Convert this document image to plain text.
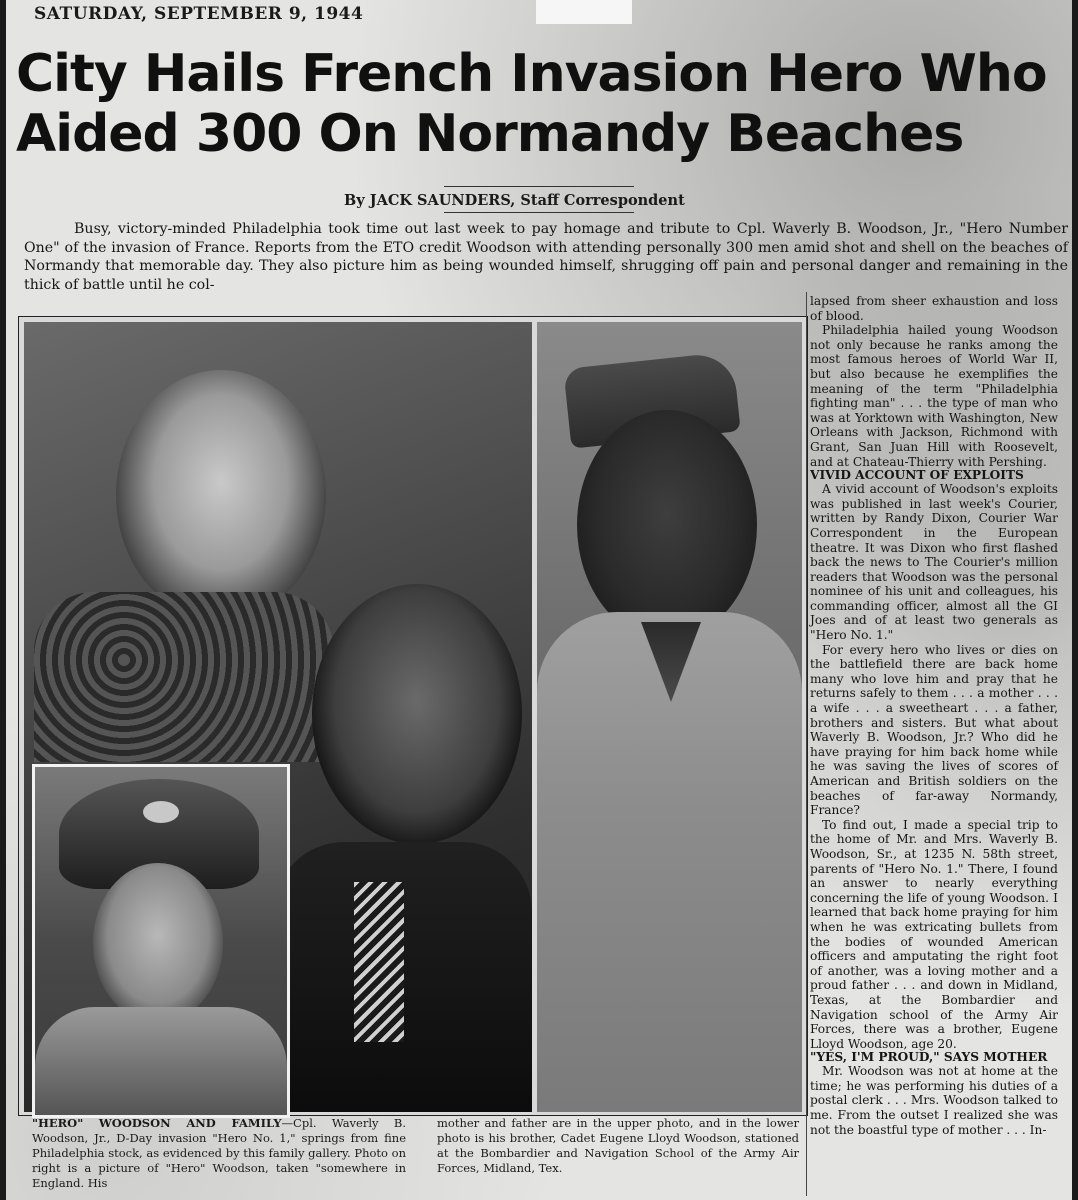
SATURDAY, SEPTEMBER 9, 1944
City Hails French Invasion Hero Who Aided 300 On Normandy Beaches
By JACK SAUNDERS, Staff Correspondent

Busy, victory-minded Philadelphia took time out last week to pay homage and tribute to Cpl. Waverly B. Woodson, Jr., "Hero Number One" of the invasion of France. Reports from the ETO credit Woodson with attending personally 300 men amid shot and shell on the beaches of Normandy that memorable day. They also picture him as being wounded himself, shrugging off pain and personal danger and remaining in the thick of battle until he col-

"HERO" WOODSON AND FAMILY—Cpl. Waverly B. Woodson, Jr., D-Day invasion "Hero No. 1," springs from fine Philadelphia stock, as evidenced by this family gallery. Photo on right is a picture of "Hero" Woodson, taken "somewhere in England. His

mother and father are in the upper photo, and in the lower photo is his brother, Cadet Eugene Lloyd Woodson, stationed at the Bombardier and Navigation School of the Army Air Forces, Midland, Tex.

lapsed from sheer exhaustion and loss of blood.

Philadelphia hailed young Woodson not only because he ranks among the most famous heroes of World War II, but also because he exemplifies the meaning of the term "Philadelphia fighting man" . . . the type of man who was at Yorktown with Washington, New Orleans with Jackson, Richmond with Grant, San Juan Hill with Roosevelt, and at Chateau-Thierry with Pershing.

VIVID ACCOUNT OF EXPLOITS

A vivid account of Woodson's exploits was published in last week's Courier, written by Randy Dixon, Courier War Correspondent in the European theatre. It was Dixon who first flashed back the news to The Courier's million readers that Woodson was the personal nominee of his unit and colleagues, his commanding officer, almost all the GI Joes and of at least two generals as "Hero No. 1."

For every hero who lives or dies on the battlefield there are back home many who love him and pray that he returns safely to them . . . a mother . . . a wife . . . a sweetheart . . . a father, brothers and sisters. But what about Waverly B. Woodson, Jr.? Who did he have praying for him back home while he was saving the lives of scores of American and British soldiers on the beaches of far-away Normandy, France?

To find out, I made a special trip to the home of Mr. and Mrs. Waverly B. Woodson, Sr., at 1235 N. 58th street, parents of "Hero No. 1." There, I found an answer to nearly everything concerning the life of young Woodson. I learned that back home praying for him when he was extricating bullets from the bodies of wounded American officers and amputating the right foot of another, was a loving mother and a proud father . . . and down in Midland, Texas, at the Bombardier and Navigation school of the Army Air Forces, there was a brother, Eugene Lloyd Woodson, age 20.

"YES, I'M PROUD," SAYS MOTHER

Mr. Woodson was not at home at the time; he was performing his duties of a postal clerk . . . Mrs. Woodson talked to me. From the outset I realized she was not the boastful type of mother . . . In-
